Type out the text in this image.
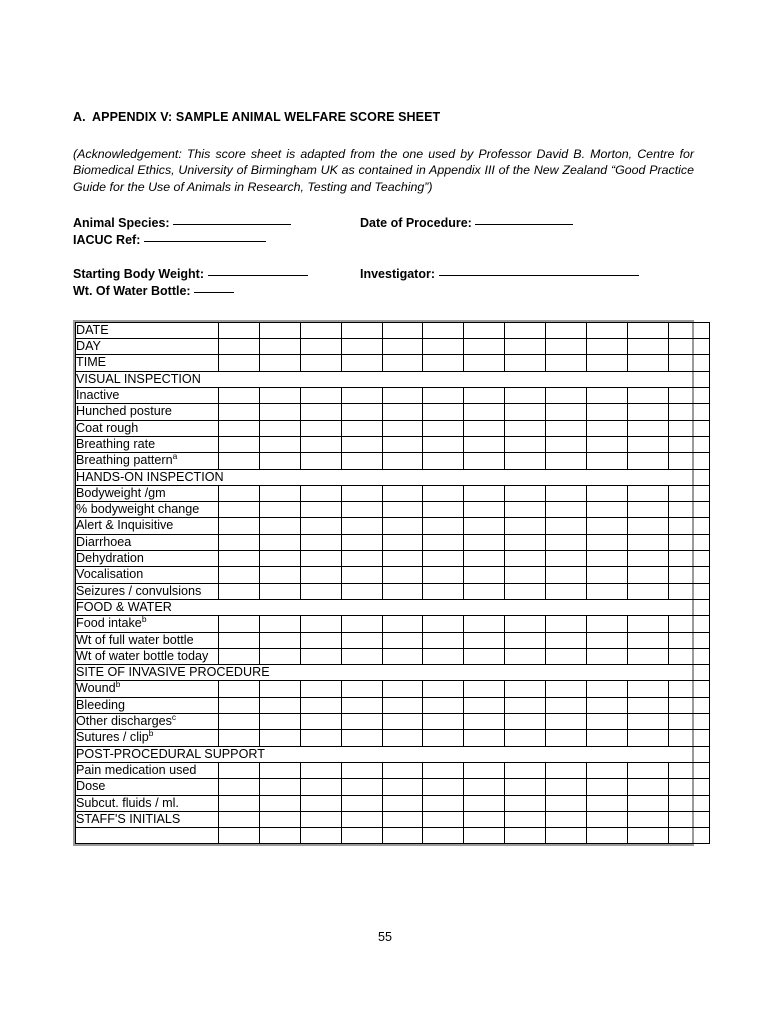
A. APPENDIX V: SAMPLE ANIMAL WELFARE SCORE SHEET
(Acknowledgement: This score sheet is adapted from the one used by Professor David B. Morton, Centre for Biomedical Ethics, University of Birmingham UK as contained in Appendix III of the New Zealand “Good Practice Guide for the Use of Animals in Research, Testing and Teaching”)
Animal Species:	Date of Procedure:
IACUC Ref:
Starting Body Weight:	Investigator:
Wt. Of Water Bottle:
DATE												
DAY												
TIME												
VISUAL INSPECTION												
Inactive												
Hunched posture												
Coat rough												
Breathing rate												
Breathing pattern$^a$												
HANDS-ON INSPECTION												
Bodyweight /gm												
% bodyweight change												
Alert & Inquisitive												
Diarrhoea												
Dehydration												
Vocalisation												
Seizures / convulsions												
FOOD & WATER												
Food intake$^b$												
Wt of full water bottle												
Wt of water bottle today												
SITE OF INVASIVE PROCEDURE												
Wound$^b$												
Bleeding												
Other discharges$^c$												
Sutures / clip$^b$												
POST-PROCEDURAL SUPPORT												
Pain medication used												
Dose												
Subcut. fluids / ml.												
STAFF'S INITIALS												

55
